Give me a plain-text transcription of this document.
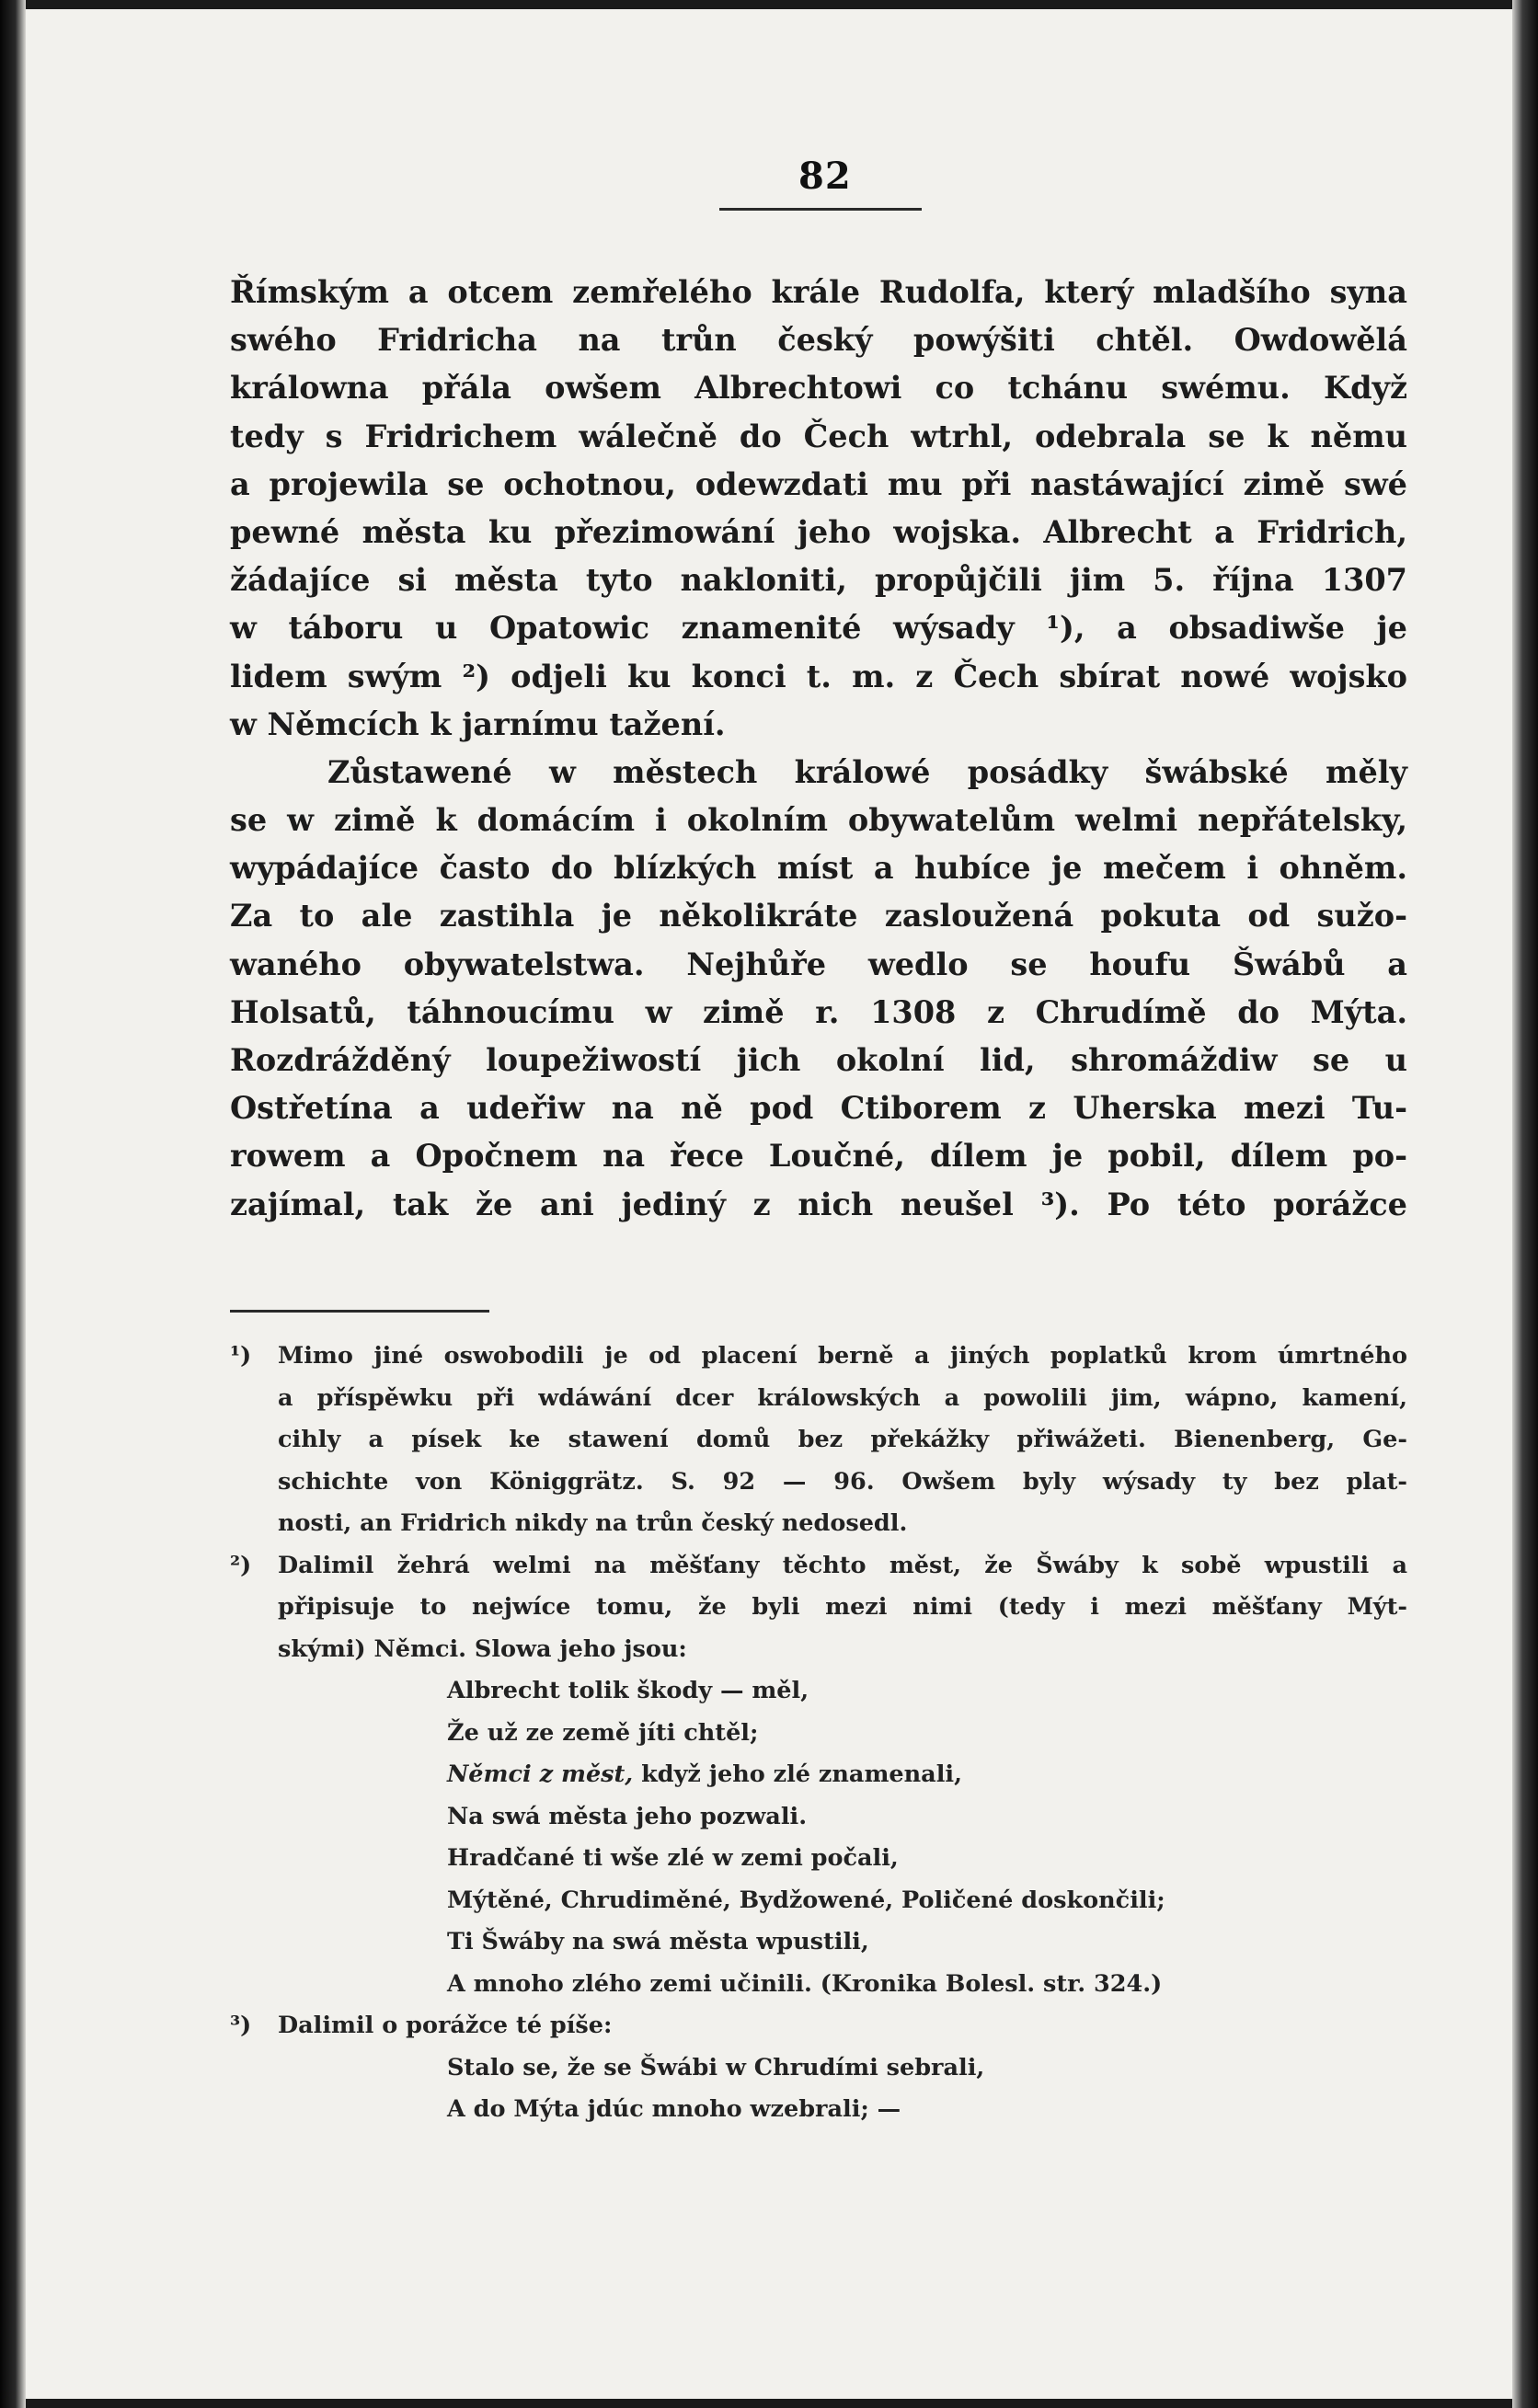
82
Římským a otcem zemřelého krále Rudolfa, který mladšího syna
swého Fridricha na trůn český powýšiti chtěl. Owdowělá
králowna přála owšem Albrechtowi co tchánu swému. Když
tedy s Fridrichem wálečně do Čech wtrhl, odebrala se k němu
a projewila se ochotnou, odewzdati mu při nastáwající zimě swé
pewné města ku přezimowání jeho wojska. Albrecht a Fridrich,
žádajíce si města tyto nakloniti, propůjčili jim 5. října 1307
w táboru u Opatowic znamenité wýsady ¹), a obsadiwše je
lidem swým ²) odjeli ku konci t. m. z Čech sbírat nowé wojsko
w Němcích k jarnímu tažení.
Zůstawené w městech králowé posádky šwábské měly
se w zimě k domácím i okolním obywatelům welmi nepřátelsky,
wypádajíce často do blízkých míst a hubíce je mečem i ohněm.
Za to ale zastihla je několikráte zasloužená pokuta od sužo-
waného obywatelstwa. Nejhůře wedlo se houfu Šwábů a
Holsatů, táhnoucímu w zimě r. 1308 z Chrudímě do Mýta.
Rozdrážděný loupežiwostí jich okolní lid, shromáždiw se u
Ostřetína a udeřiw na ně pod Ctiborem z Uherska mezi Tu-
rowem a Opočnem na řece Loučné, dílem je pobil, dílem po-
zajímal, tak že ani jediný z nich neušel ³). Po této porážce
¹) Mimo jiné oswobodili je od placení berně a jiných poplatků krom úmrtného
a příspěwku při wdáwání dcer králowských a powolili jim, wápno, kamení,
cihly a písek ke stawení domů bez překážky přiwážeti. Bienenberg, Ge-
schichte von Königgrätz. S. 92 — 96. Owšem byly wýsady ty bez plat-
nosti, an Fridrich nikdy na trůn český nedosedl.
²) Dalimil žehrá welmi na měšťany těchto měst, že Šwáby k sobě wpustili a
připisuje to nejwíce tomu, že byli mezi nimi (tedy i mezi měšťany Mýt-
skými) Němci. Slowa jeho jsou:
Albrecht tolik škody — měl,
Že už ze země jíti chtěl;
Němci z měst, když jeho zlé znamenali,
Na swá města jeho pozwali.
Hradčané ti wše zlé w zemi počali,
Mýtěné, Chrudiměné, Bydžowené, Poličené doskončili;
Ti Šwáby na swá města wpustili,
A mnoho zlého zemi učinili. (Kronika Bolesl. str. 324.)
³) Dalimil o porážce té píše:
Stalo se, že se Šwábi w Chrudími sebrali,
A do Mýta jdúc mnoho wzebrali; —
